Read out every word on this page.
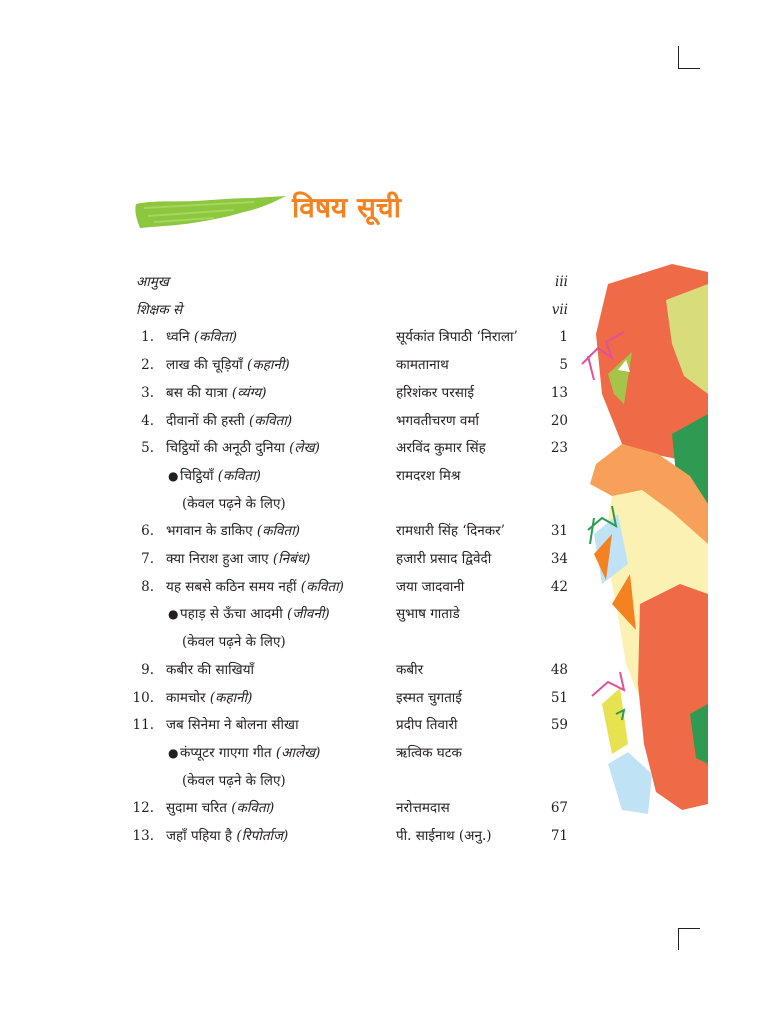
विषय सूची
आमुख	iii
शिक्षक से	vii
1. ध्वनि (कविता)	सूर्यकांत त्रिपाठी ‘निराला’	1
2. लाख की चूड़ियाँ (कहानी)	कामतानाथ	5
3. बस की यात्रा (व्यंग्य)	हरिशंकर परसाई	13
4. दीवानों की हस्ती (कविता)	भगवतीचरण वर्मा	20
5. चिट्ठियों की अनूठी दुनिया (लेख)	अरविंद कुमार सिंह	23
● चिट्ठियाँ (कविता)	रामदरश मिश्र
(केवल पढ़ने के लिए)
6. भगवान के डाकिए (कविता)	रामधारी सिंह ‘दिनकर’	31
7. क्या निराश हुआ जाए (निबंध)	हजारी प्रसाद द्विवेदी	34
8. यह सबसे कठिन समय नहीं (कविता)	जया जादवानी	42
● पहाड़ से ऊँचा आदमी (जीवनी)	सुभाष गाताडे
(केवल पढ़ने के लिए)
9. कबीर की साखियाँ	कबीर	48
10. कामचोर (कहानी)	इस्मत चुगताई	51
11. जब सिनेमा ने बोलना सीखा	प्रदीप तिवारी	59
● कंप्यूटर गाएगा गीत (आलेख)	ऋत्विक घटक
(केवल पढ़ने के लिए)
12. सुदामा चरित (कविता)	नरोत्तमदास	67
13. जहाँ पहिया है (रिपोर्ताज)	पी. साईनाथ (अनु.)	71
